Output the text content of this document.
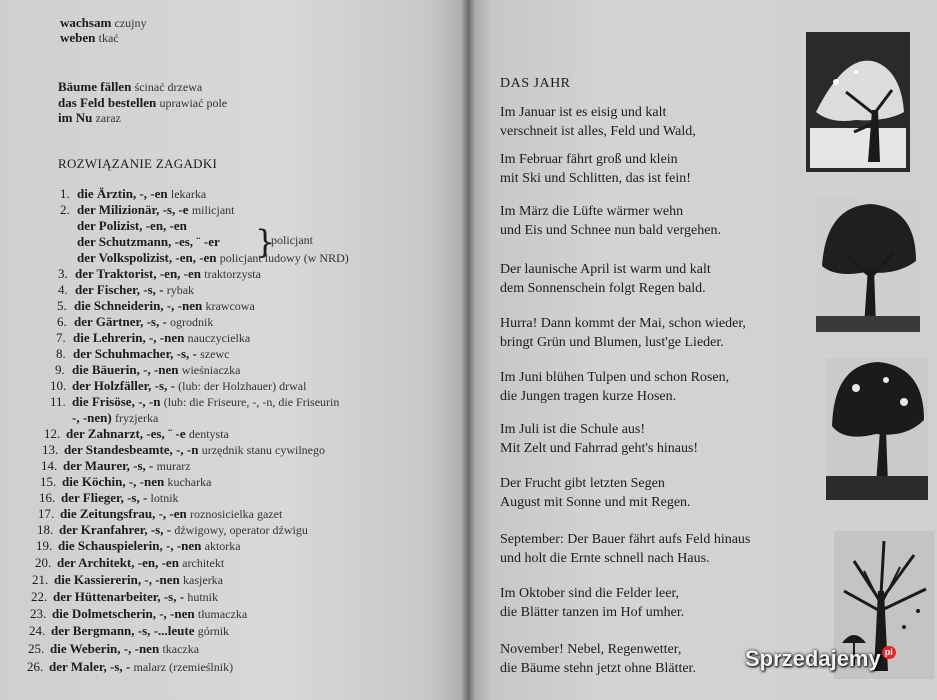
wachsam czujny
weben tkać
Bäume fällen ścinać drzewa
das Feld bestellen uprawiać pole
im Nu zaraz
ROZWIĄZANIE ZAGADKI
1. die Ärztin, -, -en lekarka
2. der Milizionär, -s, -e milicjant
der Polizist, -en, -en
der Schutzmann, -es, ¨ -er }
policjant
der Volkspolizist, -en, -en policjant ludowy (w NRD)
3. der Traktorist, -en, -en traktorzysta
4. der Fischer, -s, - rybak
5. die Schneiderin, -, -nen krawcowa
6. der Gärtner, -s, - ogrodnik
7. die Lehrerin, -, -nen nauczycielka
8. der Schuhmacher, -s, - szewc
9. die Bäuerin, -, -nen wieśniaczka
10. der Holzfäller, -s, - (lub: der Holzhauer) drwal
11. die Frisöse, -, -n (lub: die Friseure, -, -n, die Friseurin
-, -nen) fryzjerka
12. der Zahnarzt, -es, ¨ -e dentysta
13. der Standesbeamte, -, -n urzędnik stanu cywilnego
14. der Maurer, -s, - murarz
15. die Köchin, -, -nen kucharka
16. der Flieger, -s, - lotnik
17. die Zeitungsfrau, -, -en roznosicielka gazet
18. der Kranfahrer, -s, - dźwigowy, operator dźwigu
19. die Schauspielerin, -, -nen aktorka
20. der Architekt, -en, -en architekt
21. die Kassiererin, -, -nen kasjerka
22. der Hüttenarbeiter, -s, - hutnik
23. die Dolmetscherin, -, -nen tłumaczka
24. der Bergmann, -s, -...leute górnik
25. die Weberin, -, -nen tkaczka
26. der Maler, -s, - malarz (rzemieślnik)
DAS JAHR
Im Januar ist es eisig und kalt
verschneit ist alles, Feld und Wald,
Im Februar fährt groß und klein
mit Ski und Schlitten, das ist fein!
Im März die Lüfte wärmer wehn
und Eis und Schnee nun bald vergehen.
Der launische April ist warm und kalt
dem Sonnenschein folgt Regen bald.
Hurra! Dann kommt der Mai, schon wieder,
bringt Grün und Blumen, lust'ge Lieder.
Im Juni blühen Tulpen und schon Rosen,
die Jungen tragen kurze Hosen.
Im Juli ist die Schule aus!
Mit Zelt und Fahrrad geht's hinaus!
Der Frucht gibt letzten Segen
August mit Sonne und mit Regen.
September: Der Bauer fährt aufs Feld hinaus
und holt die Ernte schnell nach Haus.
Im Oktober sind die Felder leer,
die Blätter tanzen im Hof umher.
November! Nebel, Regenwetter,
die Bäume stehn jetzt ohne Blätter. Sprzedajemy pl
